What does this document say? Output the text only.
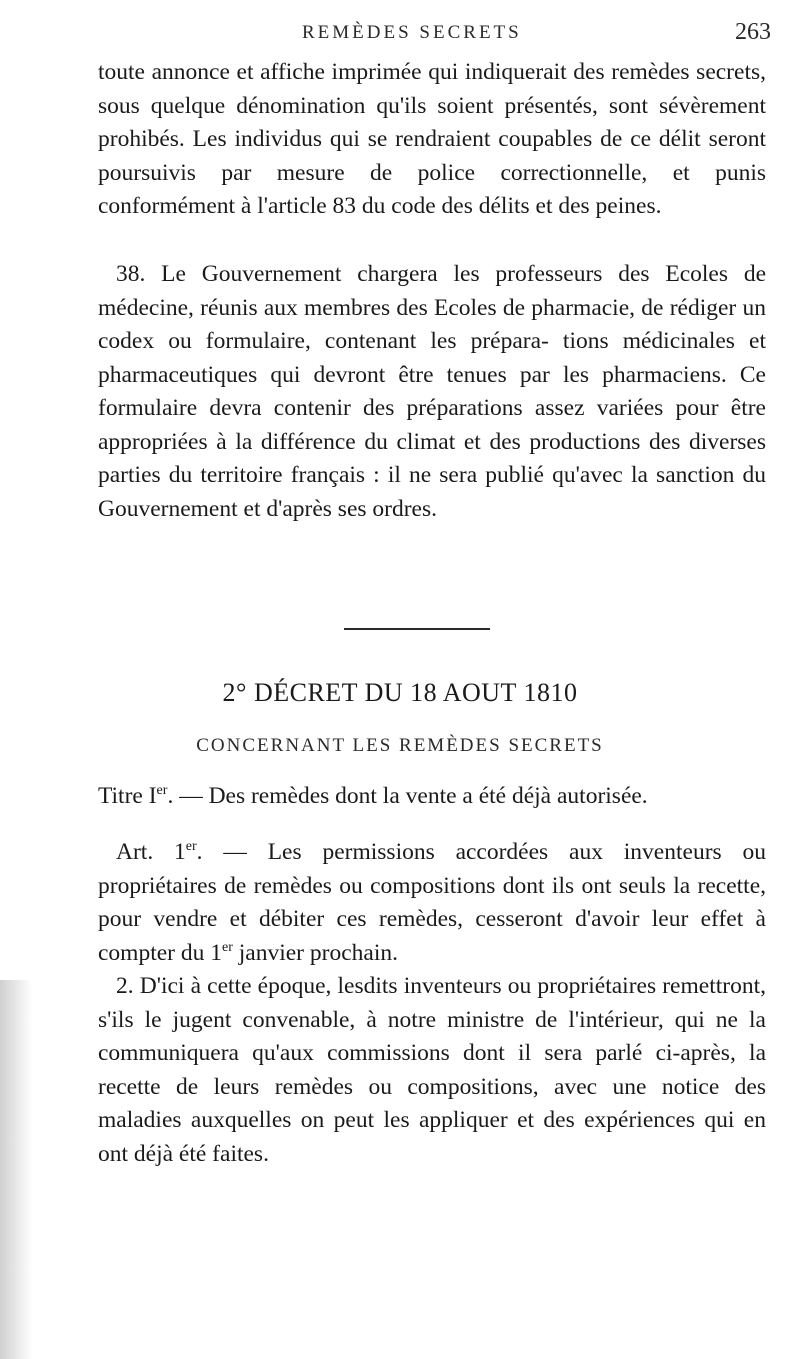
REMÈDES SECRETS	263

toute annonce et affiche imprimée qui indiquerait des remèdes secrets, sous quelque dénomination qu'ils soient présentés, sont sévèrement prohibés. Les individus qui se rendraient coupables de ce délit seront poursuivis par mesure de police correctionnelle, et punis conformément à l'article 83 du code des délits et des peines.

38. Le Gouvernement chargera les professeurs des Ecoles de médecine, réunis aux membres des Ecoles de pharmacie, de rédiger un codex ou formulaire, contenant les prépara- tions médicinales et pharmaceutiques qui devront être tenues par les pharmaciens. Ce formulaire devra contenir des préparations assez variées pour être appropriées à la différence du climat et des productions des diverses parties du territoire français : il ne sera publié qu'avec la sanction du Gouvernement et d'après ses ordres.

2° DÉCRET DU 18 AOUT 1810
CONCERNANT LES REMÈDES SECRETS

Titre Ier. — Des remèdes dont la vente a été déjà autorisée.

Art. 1er. — Les permissions accordées aux inventeurs ou propriétaires de remèdes ou compositions dont ils ont seuls la recette, pour vendre et débiter ces remèdes, cesseront d'avoir leur effet à compter du 1er janvier prochain.

2. D'ici à cette époque, lesdits inventeurs ou propriétaires remettront, s'ils le jugent convenable, à notre ministre de l'intérieur, qui ne la communiquera qu'aux commissions dont il sera parlé ci-après, la recette de leurs remèdes ou compositions, avec une notice des maladies auxquelles on peut les appliquer et des expériences qui en ont déjà été faites.
